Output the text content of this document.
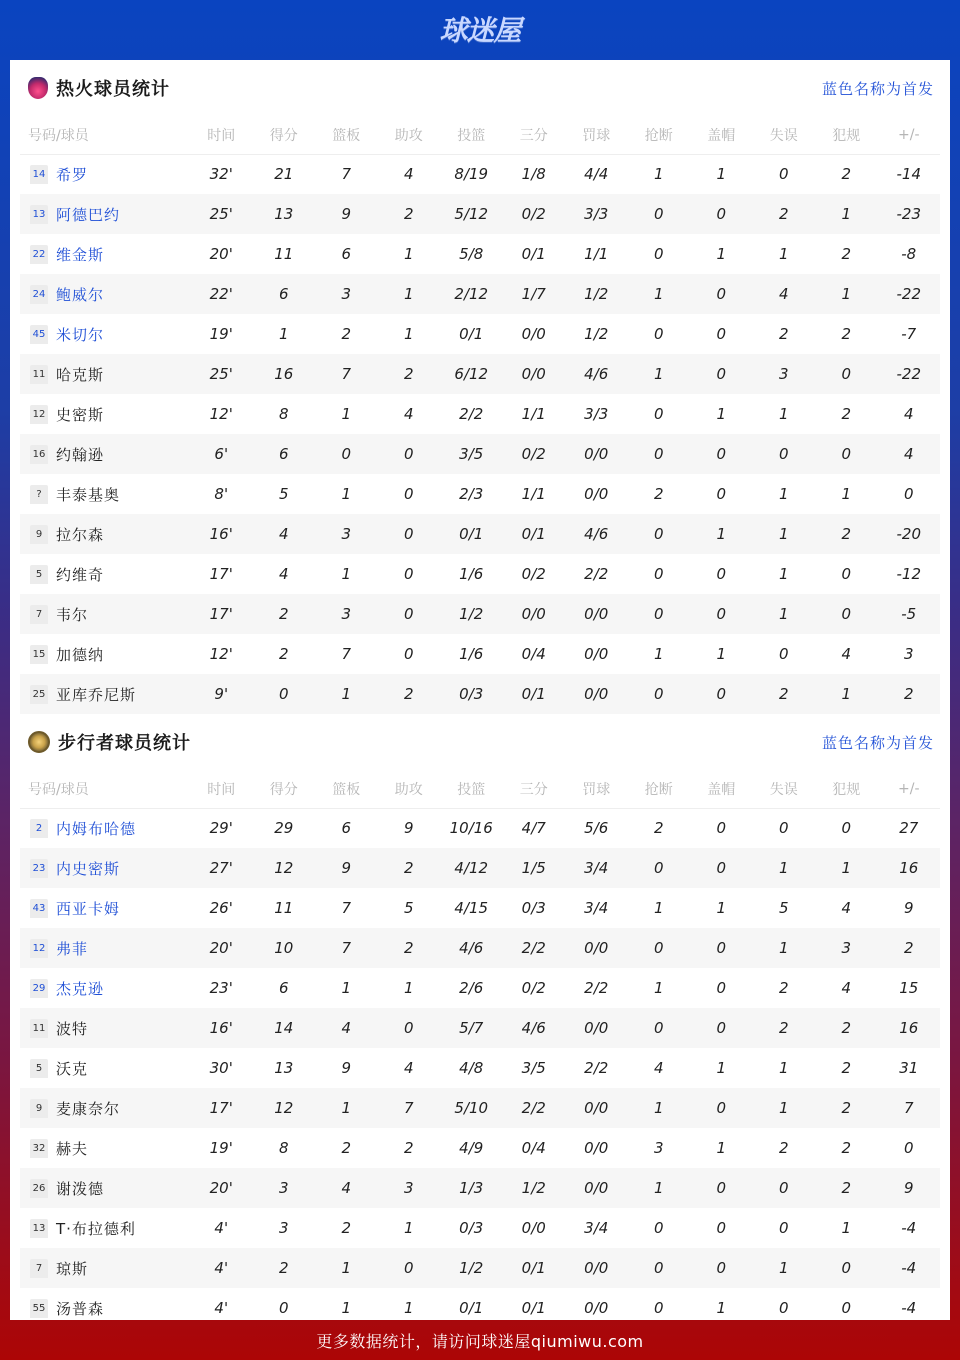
球迷屋
热火球员统计	蓝色名称为首发
号码/球员	时间	得分	篮板	助攻	投篮	三分	罚球	抢断	盖帽	失误	犯规	+/-
14 希罗	32'	21	7	4	8/19	1/8	4/4	1	1	0	2	-14
13 阿德巴约	25'	13	9	2	5/12	0/2	3/3	0	0	2	1	-23
22 维金斯	20'	11	6	1	5/8	0/1	1/1	0	1	1	2	-8
24 鲍威尔	22'	6	3	1	2/12	1/7	1/2	1	0	4	1	-22
45 米切尔	19'	1	2	1	0/1	0/0	1/2	0	0	2	2	-7
11 哈克斯	25'	16	7	2	6/12	0/0	4/6	1	0	3	0	-22
12 史密斯	12'	8	1	4	2/2	1/1	3/3	0	1	1	2	4
16 约翰逊	6'	6	0	0	3/5	0/2	0/0	0	0	0	0	4
? 丰泰基奥	8'	5	1	0	2/3	1/1	0/0	2	0	1	1	0
9 拉尔森	16'	4	3	0	0/1	0/1	4/6	0	1	1	2	-20
5 约维奇	17'	4	1	0	1/6	0/2	2/2	0	0	1	0	-12
7 韦尔	17'	2	3	0	1/2	0/0	0/0	0	0	1	0	-5
15 加德纳	12'	2	7	0	1/6	0/4	0/0	1	1	0	4	3
25 亚库乔尼斯	9'	0	1	2	0/3	0/1	0/0	0	0	2	1	2
步行者球员统计	蓝色名称为首发
号码/球员	时间	得分	篮板	助攻	投篮	三分	罚球	抢断	盖帽	失误	犯规	+/-
2 内姆布哈德	29'	29	6	9	10/16	4/7	5/6	2	0	0	0	27
23 内史密斯	27'	12	9	2	4/12	1/5	3/4	0	0	1	1	16
43 西亚卡姆	26'	11	7	5	4/15	0/3	3/4	1	1	5	4	9
12 弗菲	20'	10	7	2	4/6	2/2	0/0	0	0	1	3	2
29 杰克逊	23'	6	1	1	2/6	0/2	2/2	1	0	2	4	15
11 波特	16'	14	4	0	5/7	4/6	0/0	0	0	2	2	16
5 沃克	30'	13	9	4	4/8	3/5	2/2	4	1	1	2	31
9 麦康奈尔	17'	12	1	7	5/10	2/2	0/0	1	0	1	2	7
32 赫夫	19'	8	2	2	4/9	0/4	0/0	3	1	2	2	0
26 谢泼德	20'	3	4	3	1/3	1/2	0/0	1	0	0	2	9
13 T·布拉德利	4'	3	2	1	0/3	0/0	3/4	0	0	0	1	-4
7 琼斯	4'	2	1	0	1/2	0/1	0/0	0	0	1	0	-4
55 汤普森	4'	0	1	1	0/1	0/1	0/0	0	1	0	0	-4
更多数据统计，请访问球迷屋qiumiwu.com
